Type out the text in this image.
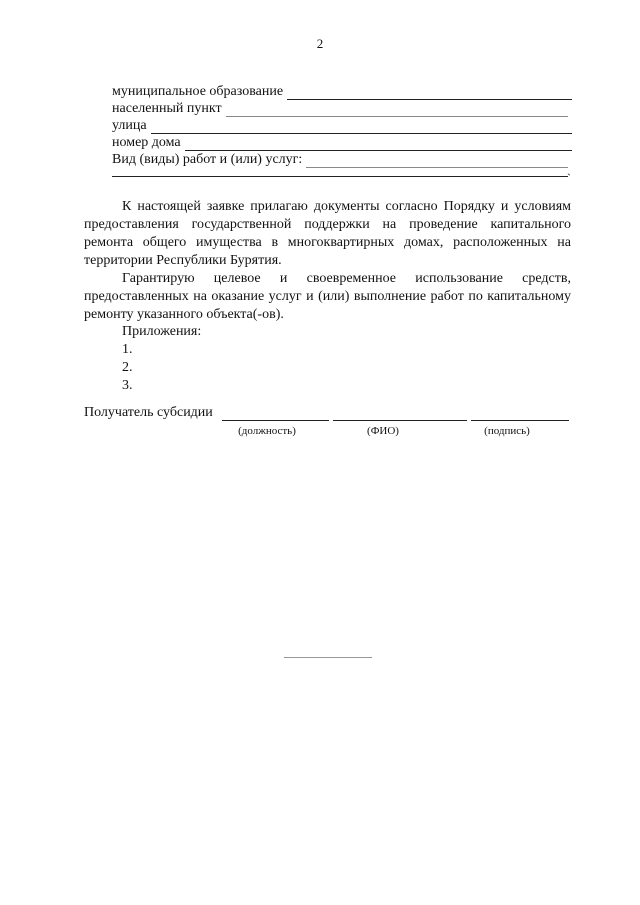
2
муниципальное образование
населенный пункт
улица
номер дома
Вид (виды) работ и (или) услуг:
`

К настоящей заявке прилагаю документы согласно Порядку и условиям предоставления государственной поддержки на проведение капитального ремонта общего имущества в многоквартирных домах, расположенных на территории Республики Бурятия.

Гарантирую целевое и своевременное использование средств, предоставленных на оказание услуг и (или) выполнение работ по капитальному ремонту указанного объекта(-ов).

Приложения:
1.
2.
3.
Получатель субсидии
(должность)	(ФИО)	(подпись)
